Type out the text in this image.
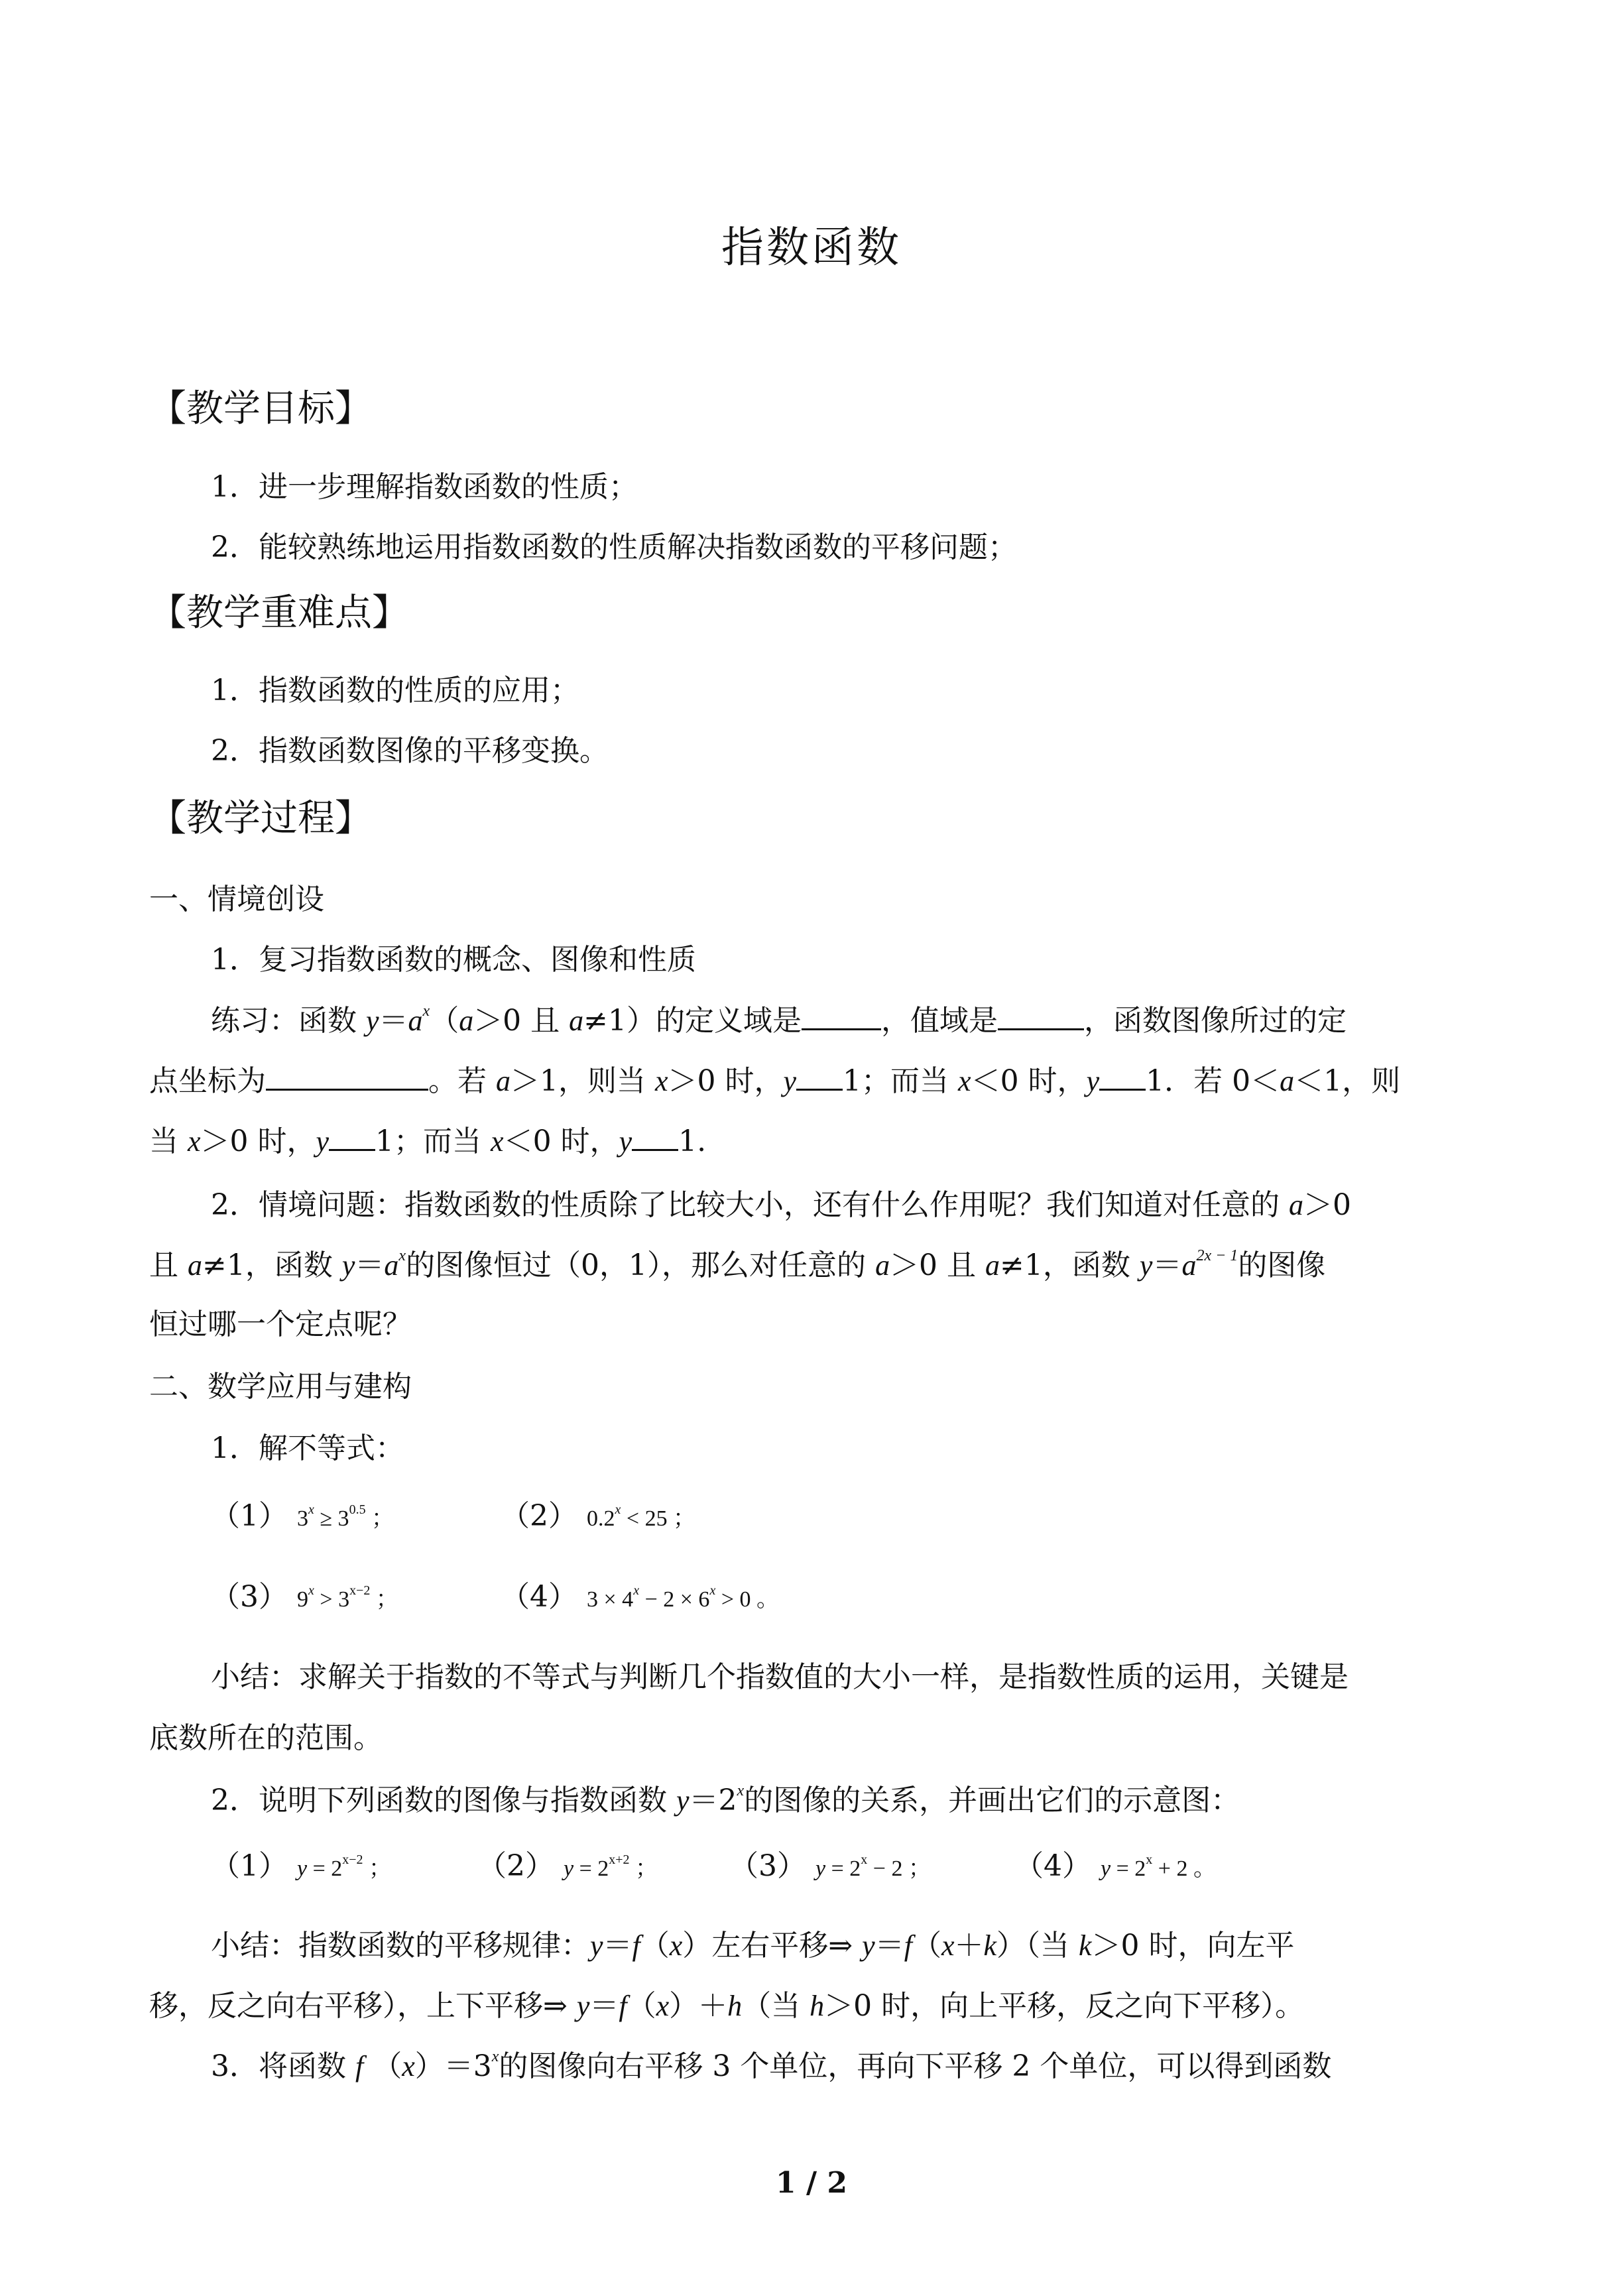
指数函数
【教学目标】
1．进一步理解指数函数的性质；
2．能较熟练地运用指数函数的性质解决指数函数的平移问题；
【教学重难点】
1．指数函数的性质的应用；
2．指数函数图像的平移变换。
【教学过程】
一、情境创设
1．复习指数函数的概念、图像和性质
练习：函数 $y=a^x(a>0$ 且 a≠1）的定义域是	，值域是	，函数图像所过的定
点坐标为	。若 a＞1，则当 x＞0 时，y 1；而当 x＜0 时，y 1．若 0＜a＜1，则
当 x＞0 时，y 1；而当 x＜0 时，y 1.
2．情境问题：指数函数的性质除了比较大小，还有什么作用呢？我们知道对任意的 a＞0
且 a≠1，函数 $y=a^x$的图像恒过（0，1），那么对任意的 a＞0 且 a≠1，函数 $y=a^{2x - 1}$的图像
恒过哪一个定点呢？
二、数学应用与建构
1．解不等式：
（1） $3^x \ge 3^{0.5}$ ；	（2） $0.2^x < 25$ ；
（3） $9^x > 3^{x-2}$ ；	（4） $3 \times 4^x - 2 \times 6^x > 0$ 。
小结：求解关于指数的不等式与判断几个指数值的大小一样，是指数性质的运用，关键是
底数所在的范围。
2．说明下列函数的图像与指数函数 $y=2^x$的图像的关系，并画出它们的示意图：
（1） $y = 2^{x-2}$ ；	（2） $y = 2^{x+2}$ ； （3） $y = 2^x - 2$ ；	（4） $y = 2^x + 2$ 。
小结：指数函数的平移规律：y＝f（x）左右平移⇒ y＝f（x＋k）（当 k＞0 时，向左平
移，反之向右平移），上下平移⇒ y＝f（x）＋h（当 h＞0 时，向上平移，反之向下平移）。
3．将函数 f $(x)=3^x$的图像向右平移 3 个单位，再向下平移 2 个单位，可以得到函数
1 / 2
